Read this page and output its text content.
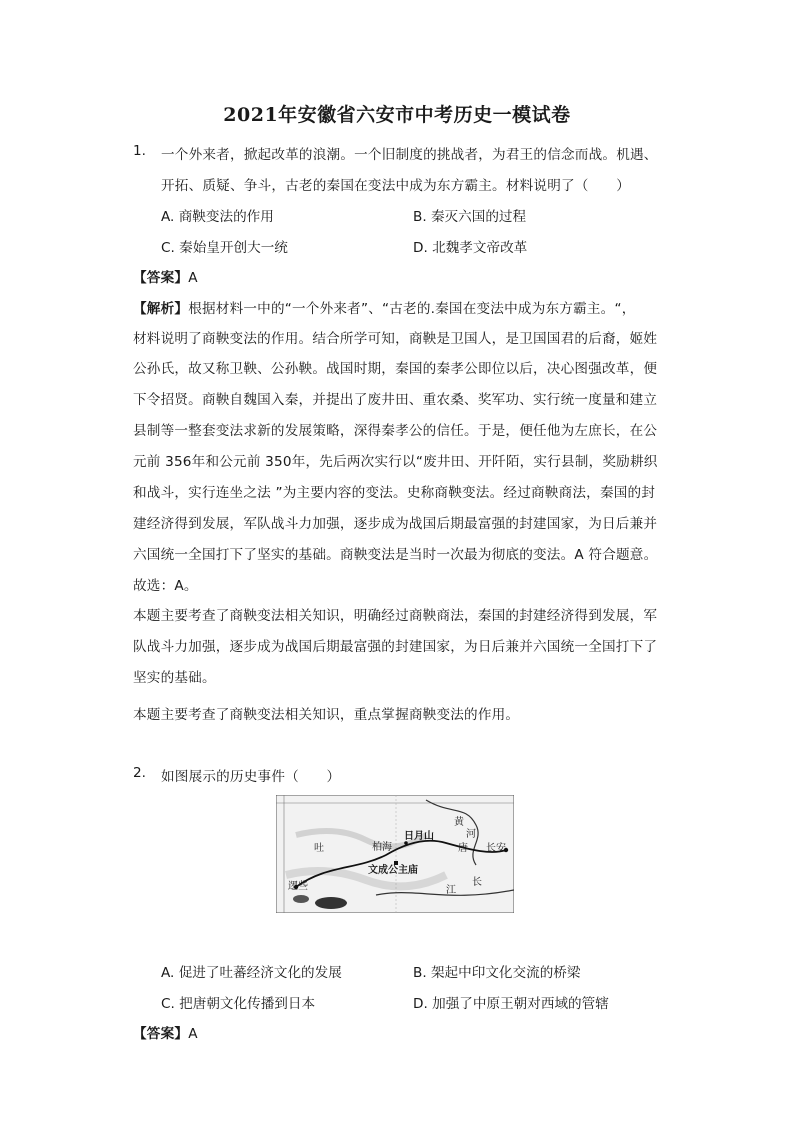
2021年安徽省六安市中考历史一模试卷
1. 一个外来者，掀起改革的浪潮。一个旧制度的挑战者，为君王的信念而战。机遇、
开拓、质疑、争斗，古老的秦国在变法中成为东方霸主。材料说明了（　　）
A. 商鞅变法的作用	B. 秦灭六国的过程
C. 秦始皇开创大一统	D. 北魏孝文帝改革
【答案】A
【解析】根据材料一中的“一个外来者”、“古老的.秦国在变法中成为东方霸主。“，
材料说明了商鞅变法的作用。结合所学可知，商鞅是卫国人，是卫国国君的后裔，姬姓
公孙氏，故又称卫鞅、公孙鞅。战国时期，秦国的秦孝公即位以后，决心图强改革，便
下令招贤。商鞅自魏国入秦，并提出了废井田、重农桑、奖军功、实行统一度量和建立
县制等一整套变法求新的发展策略，深得秦孝公的信任。于是，便任他为左庶长，在公
元前 356年和公元前 350年，先后两次实行以“废井田、开阡陌，实行县制，奖励耕织
和战斗，实行连坐之法 ”为主要内容的变法。史称商鞅变法。经过商鞅商法，秦国的封
建经济得到发展，军队战斗力加强，逐步成为战国后期最富强的封建国家，为日后兼并
六国统一全国打下了坚实的基础。商鞅变法是当时一次最为彻底的变法。A 符合题意。
故选：A。
本题主要考查了商鞅变法相关知识，明确经过商鞅商法，秦国的封建经济得到发展，军
队战斗力加强，逐步成为战国后期最富强的封建国家，为日后兼并六国统一全国打下了
坚实的基础。
本题主要考查了商鞅变法相关知识，重点掌握商鞅变法的作用。
2. 如图展示的历史事件（　　）
黄
河
日月山
吐	柏海	唐 长安
文成公主庙
逻些	江
长
A. 促进了吐蕃经济文化的发展	B. 架起中印文化交流的桥梁
C. 把唐朝文化传播到日本	D. 加强了中原王朝对西域的管辖
【答案】A
